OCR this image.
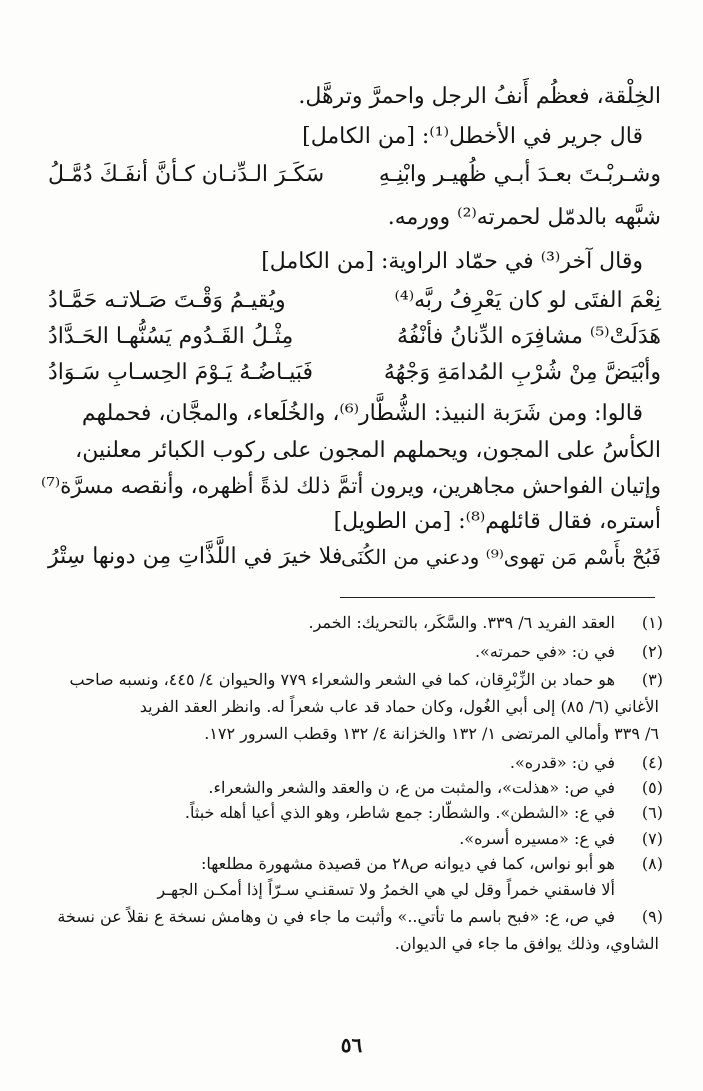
الخِلْقة، فعظُم أَنفُ الرجل واحمرَّ وترهَّل.
قال جرير في الأخطل⁽¹⁾: [من الكامل]
وشـربْـتَ بعـدَ أبـي ظُهيـر وابْنِـهِ
سَكَـرَ الـدِّنـان كـأنَّ أنفَـكَ دُمَّـلُ
شبَّهه بالدمّل لحمرته⁽²⁾ وورمه.
وقال آخر⁽³⁾ في حمّاد الراوية: [من الكامل]
نِعْمَ الفتَى لو كان يَعْرِفُ ربَّه⁽⁴⁾
ويُقيـمُ وَقْـتَ صَـلاتـه حَمَّـادُ
هَدَلَتْ⁽⁵⁾ مشافِرَه الدِّنانُ فأنْفُهُ
مِثْـلُ القَـدُوم يَسُنُّهـا الحَـدَّادُ
وأبْيَضَّ مِنْ شُرْبِ المُدامَةِ وَجْهُهُ
فَبَيـاضُـهُ يَـوْمَ الحِسـابِ سَـوَادُ
قالوا: ومن شَرَبة النبيذ: الشُّطَّار⁽⁶⁾، والخُلَعاء، والمجَّان، فحملهم
الكأسُ على المجون، ويحملهم المجون على ركوب الكبائر معلنين،
وإتيان الفواحش مجاهرين، ويرون أتمَّ ذلك لذةً أظهره، وأنقصه مسرَّة⁽⁷⁾
أستره، فقال قائلهم⁽⁸⁾: [من الطويل]
فَبُحْ بأَسْم مَن تهوى⁽⁹⁾ ودعني من الكُنَى
فلا خيرَ في اللَّذَّاتِ مِن دونها سِتْرُ
(١)
العقد الفريد ٦/ ٣٣٩. والسَّكَر، بالتحريك: الخمر.
(٢)
في ن: «في حمرته».
(٣)
هو حماد بن الزِّبْرِقان، كما في الشعر والشعراء ٧٧٩ والحيوان ٤/ ٤٤٥، ونسبه صاحب
الأغاني (٦/ ٨٥) إلى أبي الغُول، وكان حماد قد عاب شعراً له. وانظر العقد الفريد
٦/ ٣٣٩ وأمالي المرتضى ١/ ١٣٢ والخزانة ٤/ ١٣٢ وقطب السرور ١٧٢.
(٤)
في ن: «قدره».
(٥)
في ص: «هذلت»، والمثبت من ع، ن والعقد والشعر والشعراء.
(٦)
في ع: «الشطن». والشطّار: جمع شاطر، وهو الذي أعيا أهله خبثاً.
(٧)
في ع: «مسيره أسره».
(٨)
هو أبو نواس، كما في ديوانه ص٢٨ من قصيدة مشهورة مطلعها:
ألا فاسقني خمراً وقل لي هي الخمرُ ولا تسقنـي سـرّاً إذا أمكـن الجهـر
(٩)
في ص، ع: «فبح باسم ما تأتي..» وأثبت ما جاء في ن وهامش نسخة ع نقلاً عن نسخة
الشاوي، وذلك يوافق ما جاء في الديوان.
٥٦
